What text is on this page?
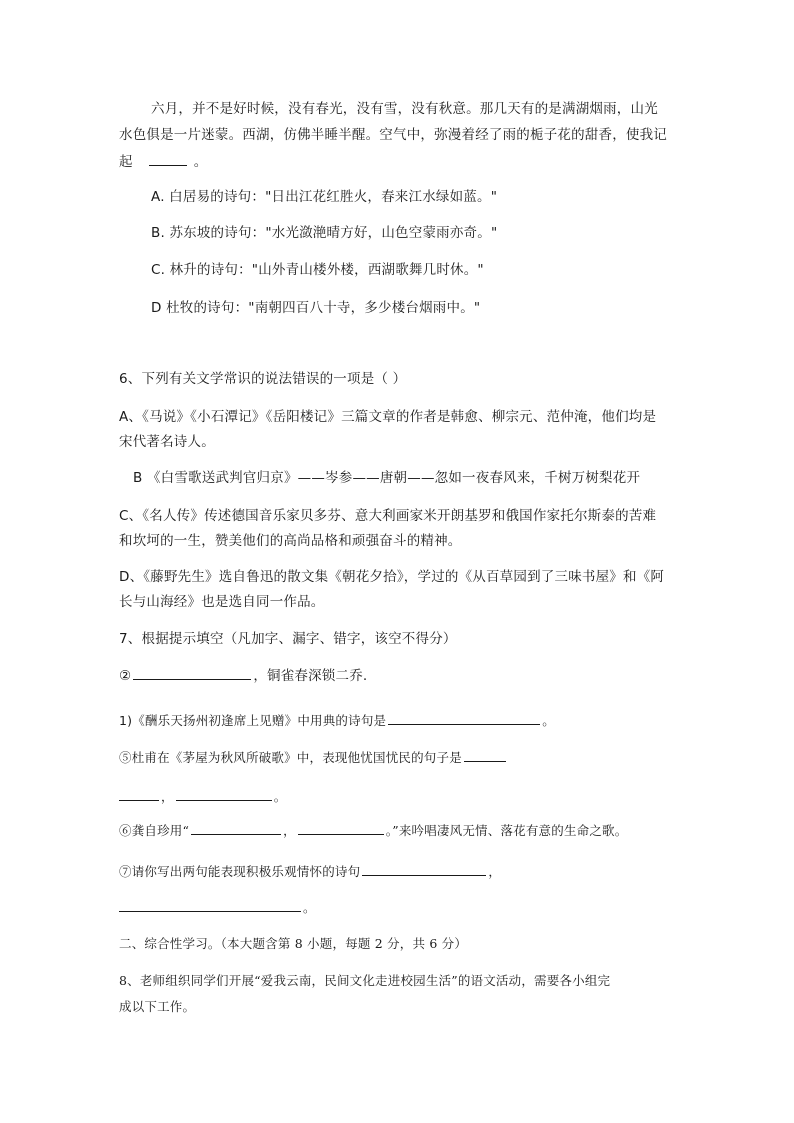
六月，并不是好时候，没有春光，没有雪，没有秋意。那几天有的是满湖烟雨，山光
水色俱是一片迷蒙。西湖，仿佛半睡半醒。空气中，弥漫着经了雨的栀子花的甜香，使我记
起	。
A. 白居易的诗句："日出江花红胜火，春来江水绿如蓝。"
B. 苏东坡的诗句："水光潋滟晴方好，山色空蒙雨亦奇。"
C. 林升的诗句："山外青山楼外楼，西湖歌舞几时休。"
D 杜牧的诗句："南朝四百八十寺，多少楼台烟雨中。"
6、下列有关文学常识的说法错误的一项是（ ）
A、《马说》《小石潭记》《岳阳楼记》三篇文章的作者是韩愈、柳宗元、范仲淹，他们均是
宋代著名诗人。
B 《白雪歌送武判官归京》——岑参——唐朝——忽如一夜春风来，千树万树梨花开
C、《名人传》传述德国音乐家贝多芬、意大利画家米开朗基罗和俄国作家托尔斯泰的苦难
和坎坷的一生，赞美他们的高尚品格和顽强奋斗的精神。
D、《藤野先生》选自鲁迅的散文集《朝花夕拾》，学过的《从百草园到了三味书屋》和《阿
长与山海经》也是选自同一作品。
7、根据提示填空（凡加字、漏字、错字，该空不得分）
②	，铜雀春深锁二乔.
1)《酬乐天扬州初逢席上见赠》中用典的诗句是	。
⑤杜甫在《茅屋为秋风所破歌》中，表现他忧国忧民的句子是
，	。
⑥龚自珍用“	，	。”来吟唱凄风无情、落花有意的生命之歌。
⑦请你写出两句能表现积极乐观情怀的诗句	，
。
二、综合性学习。（本大题含第 8 小题，每题 2 分，共 6 分）
8、老师组织同学们开展“爱我云南，民间文化走进校园生活”的语文活动，需要各小组完
成以下工作。
